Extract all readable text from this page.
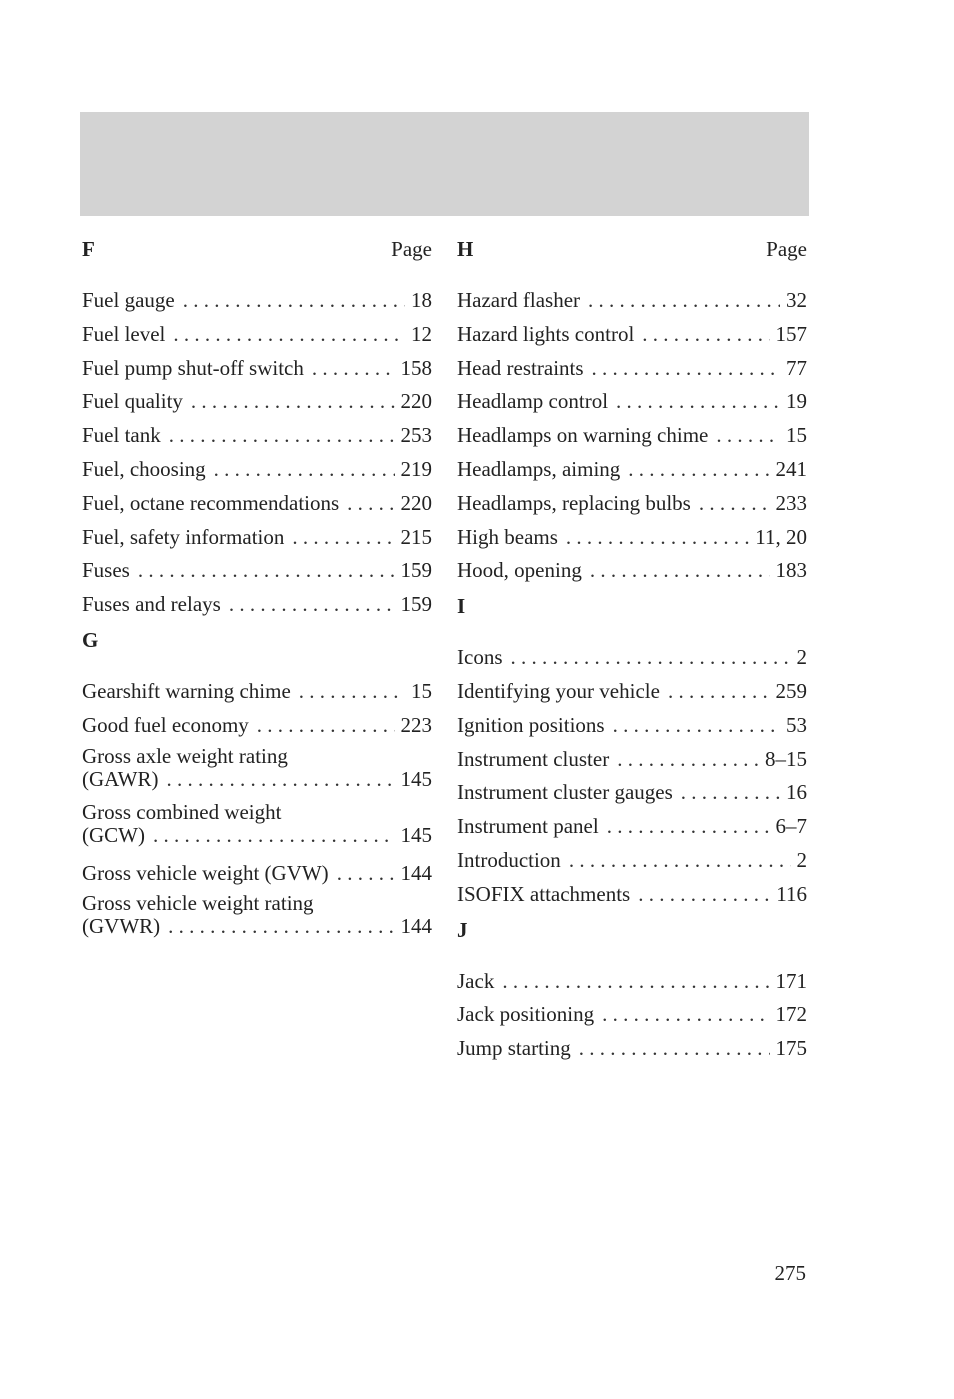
F	Page
Fuel gauge . . .	18
Fuel level . . .	12
Fuel pump shut-off switch . . .	158
Fuel quality . . .	220
Fuel tank . . .	253
Fuel, choosing . . .	219
Fuel, octane recommendations . . .	220
Fuel, safety information . . .	215
Fuses . . .	159
Fuses and relays . . .	159
G
Gearshift warning chime . . .	15
Good fuel economy . . .	223
Gross axle weight rating
(GAWR) . . .	145
Gross combined weight
(GCW) . . .	145
Gross vehicle weight (GVW) . . .	144
Gross vehicle weight rating
(GVWR) . . .	144
H	Page
Hazard flasher . . .	32
Hazard lights control . . .	157
Head restraints . . .	77
Headlamp control . . .	19
Headlamps on warning chime . . .	15
Headlamps, aiming . . .	241
Headlamps, replacing bulbs . . .	233
High beams . . .	11, 20
Hood, opening . . .	183
I
Icons . . .	2
Identifying your vehicle . . .	259
Ignition positions . . .	53
Instrument cluster . . .	8–15
Instrument cluster gauges . . .	16
Instrument panel . . .	6–7
Introduction . . .	2
ISOFIX attachments . . .	116
J
Jack . . .	171
Jack positioning . . .	172
Jump starting . . .	175
275
